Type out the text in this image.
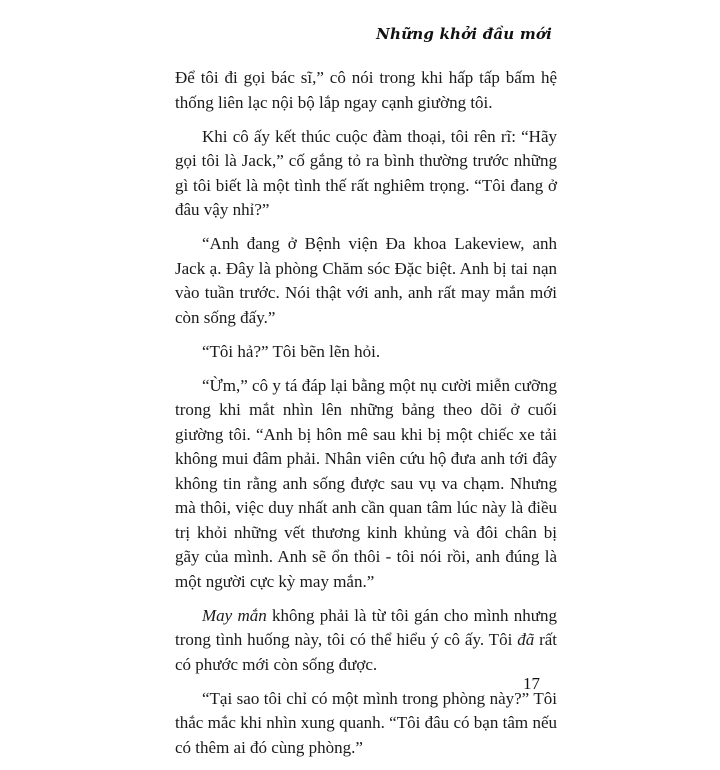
Những khởi đầu mới

Để tôi đi gọi bác sĩ,” cô nói trong khi hấp tấp bấm hệ thống liên lạc nội bộ lắp ngay cạnh giường tôi.

Khi cô ấy kết thúc cuộc đàm thoại, tôi rên rĩ: “Hãy gọi tôi là Jack,” cố gắng tỏ ra bình thường trước những gì tôi biết là một tình thế rất nghiêm trọng. “Tôi đang ở đâu vậy nhỉ?”

“Anh đang ở Bệnh viện Đa khoa Lakeview, anh Jack ạ. Đây là phòng Chăm sóc Đặc biệt. Anh bị tai nạn vào tuần trước. Nói thật với anh, anh rất may mắn mới còn sống đấy.”

“Tôi hả?” Tôi bẽn lẽn hỏi.

“Ừm,” cô y tá đáp lại bằng một nụ cười miễn cưỡng trong khi mắt nhìn lên những bảng theo dõi ở cuối giường tôi. “Anh bị hôn mê sau khi bị một chiếc xe tải không mui đâm phải. Nhân viên cứu hộ đưa anh tới đây không tin rằng anh sống được sau vụ va chạm. Nhưng mà thôi, việc duy nhất anh cần quan tâm lúc này là điều trị khỏi những vết thương kinh khủng và đôi chân bị gãy của mình. Anh sẽ ổn thôi - tôi nói rồi, anh đúng là một người cực kỳ may mắn.”

May mắn không phải là từ tôi gán cho mình nhưng trong tình huống này, tôi có thể hiểu ý cô ấy. Tôi đã rất có phước mới còn sống được.

“Tại sao tôi chỉ có một mình trong phòng này?” Tôi thắc mắc khi nhìn xung quanh. “Tôi đâu có bạn tâm nếu có thêm ai đó cùng phòng.”

17
